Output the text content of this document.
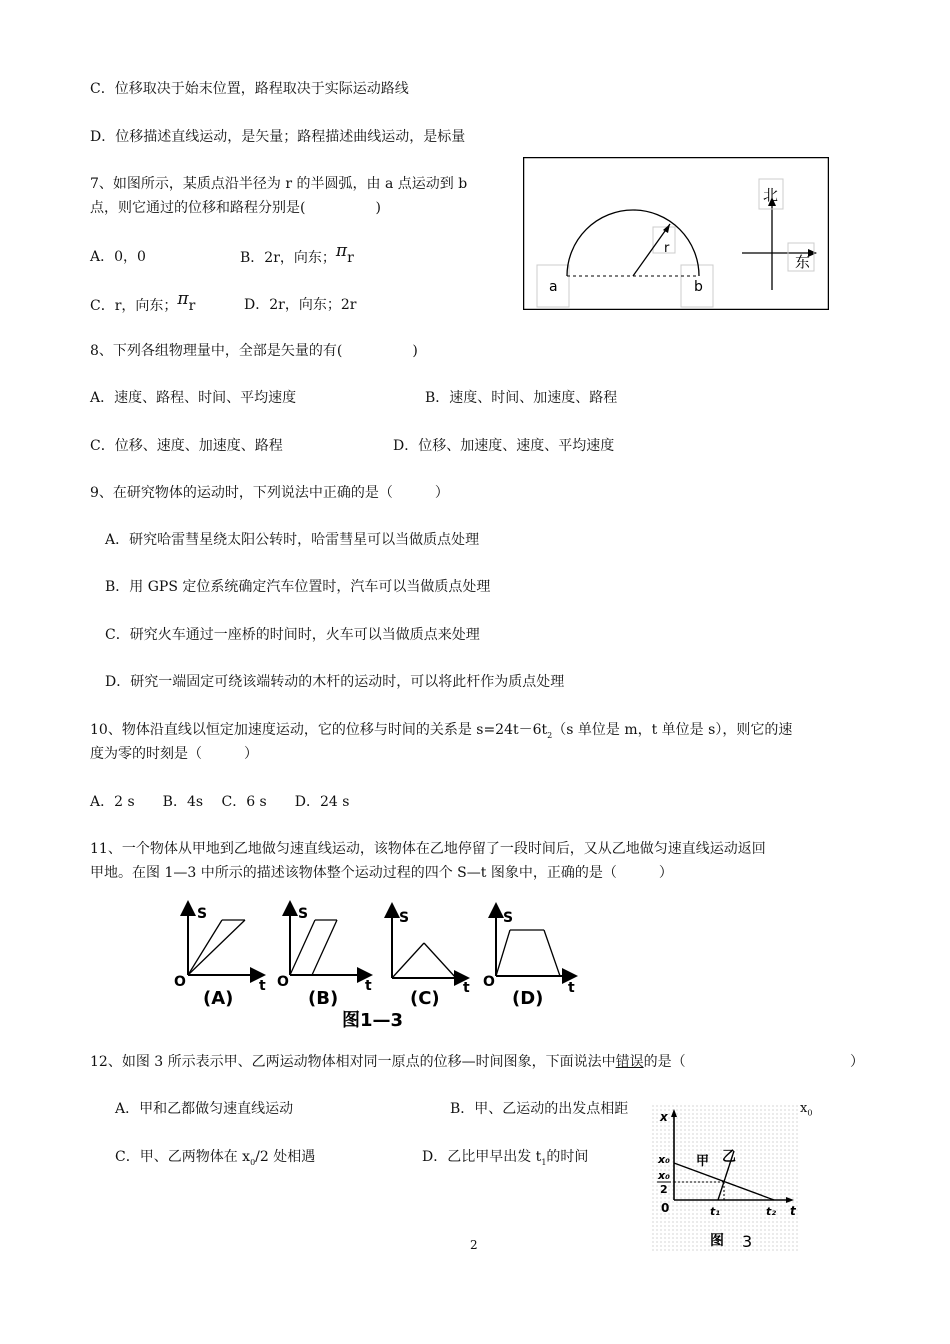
C．位移取决于始末位置，路程取决于实际运动路线
D．位移描述直线运动，是矢量；路程描述曲线运动，是标量
7、如图所示，某质点沿半径为 r 的半圆弧，由 a 点运动到 b
点，则它通过的位移和路程分别是(　　　　　)
A．0，0	B．2r，向东；πr
C．r，向东；πr	D．2r，向东；2r
r
a	b
北
东
8、下列各组物理量中，全部是矢量的有(　　　　　)
A．速度、路程、时间、平均速度	B．速度、时间、加速度、路程
C．位移、速度、加速度、路程	D．位移、加速度、速度、平均速度
9、在研究物体的运动时，下列说法中正确的是（　　　）
A．研究哈雷彗星绕太阳公转时，哈雷彗星可以当做质点处理
B．用 GPS 定位系统确定汽车位置时，汽车可以当做质点处理
C．研究火车通过一座桥的时间时，火车可以当做质点来处理
D．研究一端固定可绕该端转动的木杆的运动时，可以将此杆作为质点处理
10、物体沿直线以恒定加速度运动，它的位移与时间的关系是 $s=24t-6t_2(s$ 单位是 m，t 单位是 s），则它的速
度为零的时刻是（　　　）
A．2 s　　B．4s　 C．6 s　　D．24 s
11、一个物体从甲地到乙地做匀速直线运动，该物体在乙地停留了一段时间后，又从乙地做匀速直线运动返回
甲地。在图 1—3 中所示的描述该物体整个运动过程的四个 S—t 图象中，正确的是（　　　）
S
O	t
(A)
S
O	t
(B)
S
t
(C)
S
O	t
(D)
图1—3
12、如图 3 所示表示甲、乙两运动物体相对同一原点的位移—时间图象，下面说法中错误的是（	）
A．甲和乙都做匀速直线运动	B．甲、乙运动的出发点相距	$x_0$
C．甲、乙两物体在 $x_0/2$ 处相遇	D．乙比甲早出发 $t_1$的时间
x
x₀
x₀
2
0
甲 乙
t₁	t₂ t
图 3
2
